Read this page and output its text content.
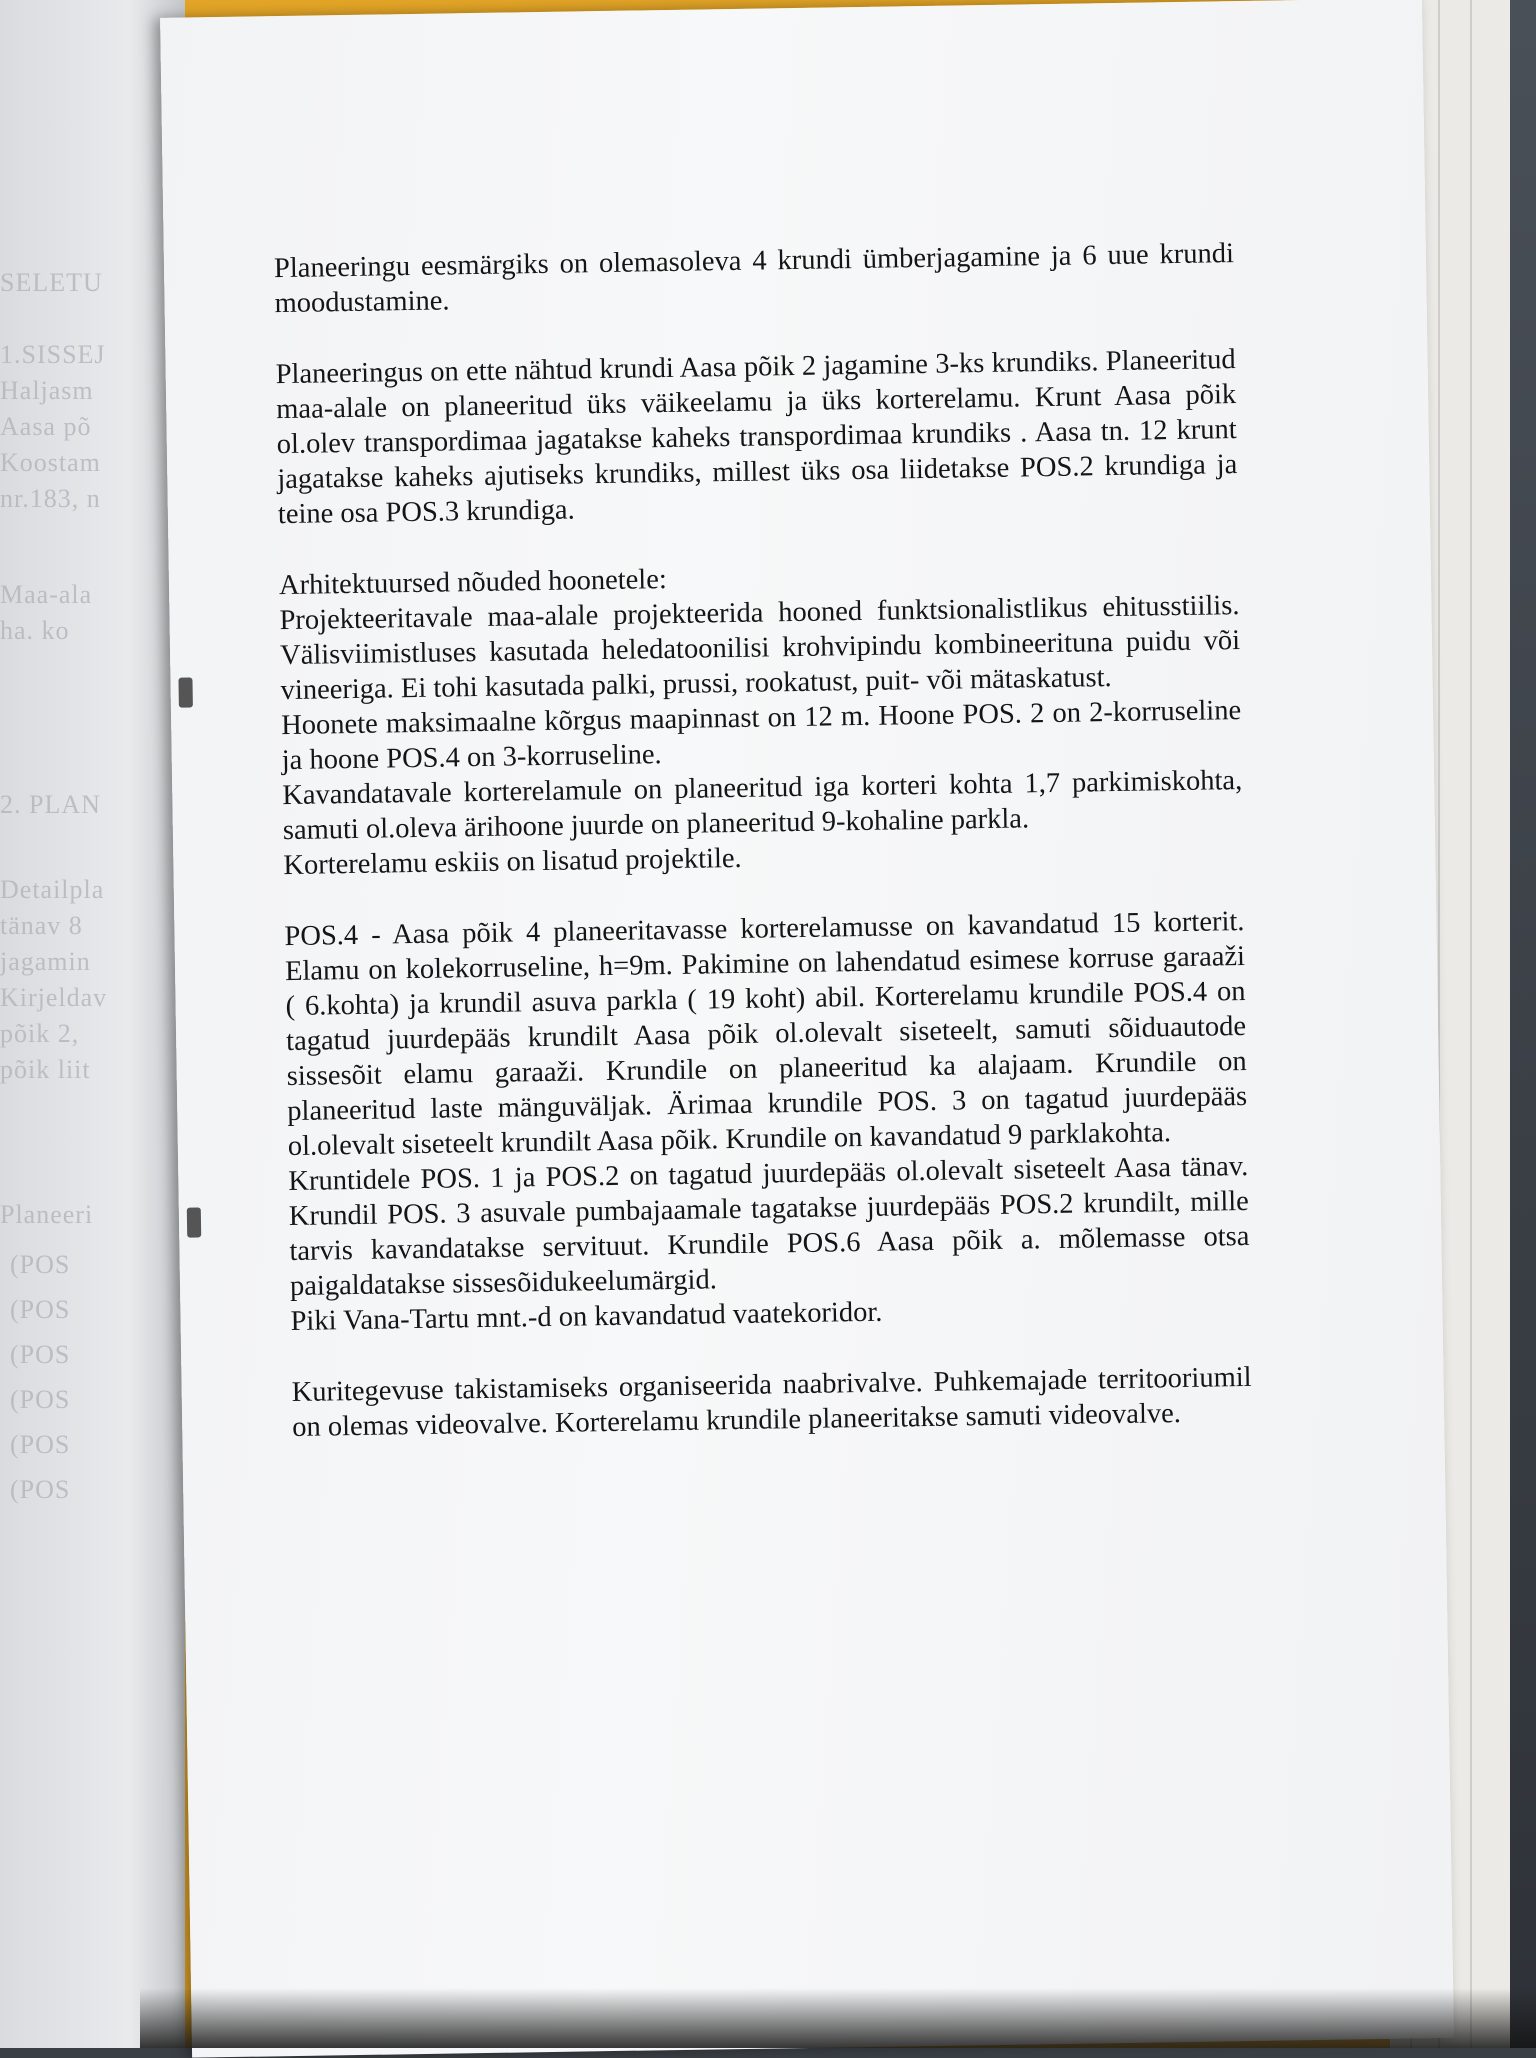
SELETU
1.SISSEJ
Haljasm
Aasa põ
Koostam
nr.183, n
Maa-ala
ha. ko
2. PLAN
Detailpla
tänav 8
jagamin
Kirjeldav
põik 2,
põik liit
Planeeri
(POS
(POS
(POS
(POS
(POS
(POS

Planeeringu eesmärgiks on olemasoleva 4 krundi ümberjagamine ja 6 uue krundi moodustamine.

Planeeringus on ette nähtud krundi Aasa põik 2 jagamine 3-ks krundiks. Planeeritud maa-alale on planeeritud üks väikeelamu ja üks korterelamu. Krunt Aasa põik ol.olev transpordimaa jagatakse kaheks transpordimaa krundiks . Aasa tn. 12 krunt jagatakse kaheks ajutiseks krundiks, millest üks osa liidetakse POS.2 krundiga ja teine osa POS.3 krundiga.

Arhitektuursed nõuded hoonetele:

Projekteeritavale maa-alale projekteerida hooned funktsionalistlikus ehitusstiilis. Välisviimistluses kasutada heledatoonilisi krohvipindu kombineerituna puidu või vineeriga. Ei tohi kasutada palki, prussi, rookatust, puit- või mätaskatust.

Hoonete maksimaalne kõrgus maapinnast on 12 m. Hoone POS. 2 on 2-korruseline ja hoone POS.4 on 3-korruseline.

Kavandatavale korterelamule on planeeritud iga korteri kohta 1,7 parkimiskohta, samuti ol.oleva ärihoone juurde on planeeritud 9-kohaline parkla.

Korterelamu eskiis on lisatud projektile.

POS.4 - Aasa põik 4 planeeritavasse korterelamusse on kavandatud 15 korterit. Elamu on kolekorruseline, h=9m. Pakimine on lahendatud esimese korruse garaaži ( 6.kohta) ja krundil asuva parkla ( 19 koht) abil. Korterelamu krundile POS.4 on tagatud juurdepääs krundilt Aasa põik ol.olevalt siseteelt, samuti sõiduautode sissesõit elamu garaaži. Krundile on planeeritud ka alajaam. Krundile on planeeritud laste mänguväljak. Ärimaa krundile POS. 3 on tagatud juurdepääs ol.olevalt siseteelt krundilt Aasa põik. Krundile on kavandatud 9 parklakohta.

Kruntidele POS. 1 ja POS.2 on tagatud juurdepääs ol.olevalt siseteelt Aasa tänav. Krundil POS. 3 asuvale pumbajaamale tagatakse juurdepääs POS.2 krundilt, mille tarvis kavandatakse servituut. Krundile POS.6 Aasa põik a. mõlemasse otsa paigaldatakse sissesõidukeelumärgid.

Piki Vana-Tartu mnt.-d on kavandatud vaatekoridor.

Kuritegevuse takistamiseks organiseerida naabrivalve. Puhkemajade territooriumil on olemas videovalve. Korterelamu krundile planeeritakse samuti videovalve.
